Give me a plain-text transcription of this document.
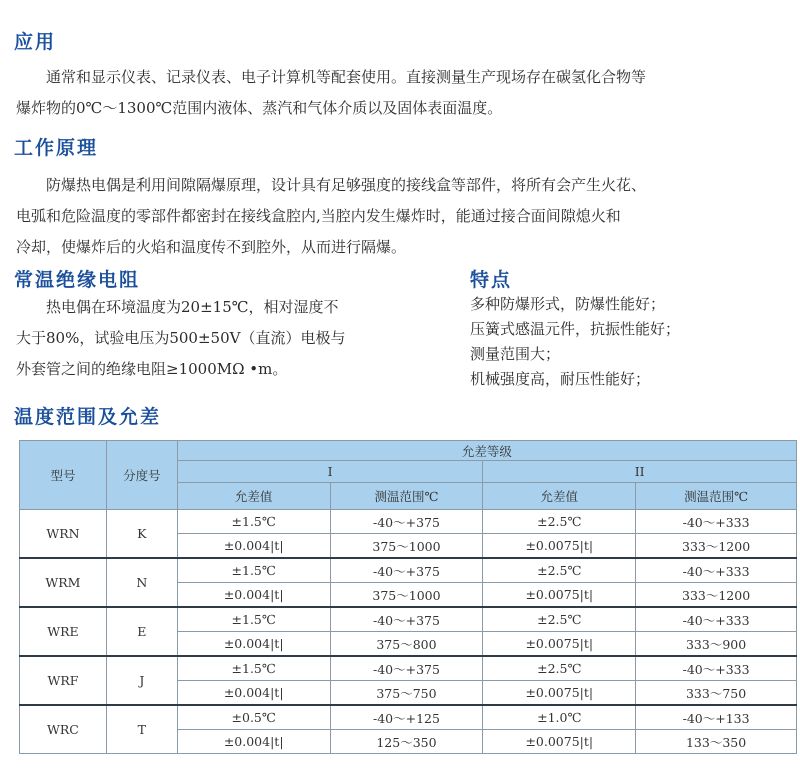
应用
通常和显示仪表、记录仪表、电子计算机等配套使用。直接测量生产现场存在碳氢化合物等
爆炸物的0℃～1300℃范围内液体、蒸汽和气体介质以及固体表面温度。
工作原理
防爆热电偶是利用间隙隔爆原理，设计具有足够强度的接线盒等部件，将所有会产生火花、
电弧和危险温度的零部件都密封在接线盒腔内,当腔内发生爆炸时，能通过接合面间隙熄火和
冷却，使爆炸后的火焰和温度传不到腔外，从而进行隔爆。
常温绝缘电阻
热电偶在环境温度为20±15℃，相对湿度不
大于80%，试验电压为500±50V（直流）电极与
外套管之间的绝缘电阻≥1000MΩ •m。
特点
多种防爆形式，防爆性能好；
压簧式感温元件，抗振性能好；
测量范围大；
机械强度高，耐压性能好；
温度范围及允差
型号	分度号	允差等级			
		I		II	
		允差值	测温范围℃	允差值	测温范围℃
WRN	K	±1.5℃	-40～+375	±2.5℃	-40～+333
		±0.004|t|	375～1000	±0.0075|t|	333～1200
WRM	N	±1.5℃	-40～+375	±2.5℃	-40～+333
		±0.004|t|	375～1000	±0.0075|t|	333～1200
WRE	E	±1.5℃	-40～+375	±2.5℃	-40～+333
		±0.004|t|	375～800	±0.0075|t|	333～900
WRF	J	±1.5℃	-40～+375	±2.5℃	-40～+333
		±0.004|t|	375～750	±0.0075|t|	333～750
WRC	T	±0.5℃	-40～+125	±1.0℃	-40～+133
		±0.004|t|	125～350	±0.0075|t|	133～350
